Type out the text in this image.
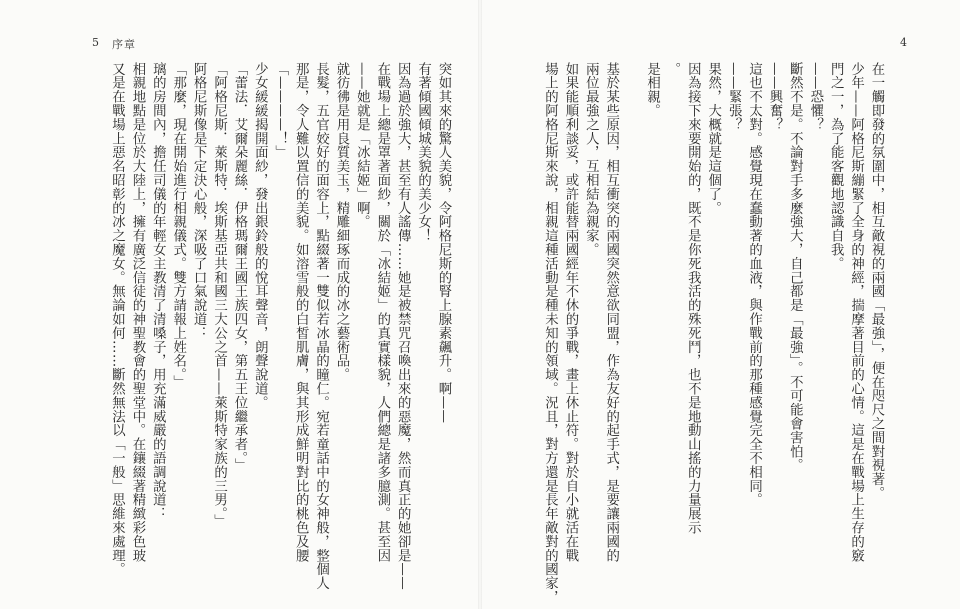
5 序章
突如其來的驚人美貌，令阿格尼斯的腎上腺素飆升。啊——
有著傾國傾城美貌的美少女！
因為過於強大，甚至有人謠傳……她是被禁咒召喚出來的惡魔，然而真正的她卻是——
在戰場上總是罩著面紗，關於「冰結姬」的真實樣貌，人們總是諸多臆測。甚至因
——她就是「冰結姬」啊。
就彷彿是用良質美玉，精雕細琢而成的冰之藝術品。
長髮，五官姣好的面容上，點綴著一雙似若冰晶的瞳仁。宛若童話中的女神般，整個人
那是，令人難以置信的美貌。如溶雪般的白皙肌膚，與其形成鮮明對比的桃色及腰
「————！」
少女緩緩揭開面紗，發出銀鈴般的悅耳聲音，朗聲說道。
「蕾法．艾爾朵麗絲．伊格瑪爾王國王族四女，第五王位繼承者。」
「阿格尼斯．萊斯特．埃斯基亞共和國三大公之首——萊斯特家族的三男。」
阿格尼斯像是下定決心般，深吸了口氣說道：
「那麼，現在開始進行相親儀式。雙方請報上姓名。」
璃的房間內，擔任司儀的年輕女主教清了清嗓子，用充滿威嚴的語調說道：
相親地點是位於大陸上，擁有廣泛信徒的神聖教會的聖堂中。在鑲綴著精緻彩色玻
又是在戰場上惡名昭彰的冰之魔女。無論如何……斷然無法以「一般」思維來處理。
4
在一觸即發的氛圍中，相互敵視的兩國「最強」，便在咫尺之間對視著。
少年——阿格尼斯繃緊了全身的神經，揣摩著目前的心情。這是在戰場上生存的竅
門之一，為了能客觀地認識自我。
——恐懼？
斷然不是。不論對手多麼強大，自己都是「最強」。不可能會害怕。
——興奮？
這也不太對。感覺現在蠢動著的血液，與作戰前的那種感覺完全不相同。
——緊張？
果然，大概就是這個了。
因為接下來要開始的，既不是你死我活的殊死鬥，也不是地動山搖的力量展示
。
是相親。

基於某些原因，相互衝突的兩國突然意欲同盟，作為友好的起手式，是要讓兩國的
兩位最強之人，互相結為親家。
如果能順利談妥，或許能替兩國經年不休的爭戰，畫上休止符。對於自小就活在戰
場上的阿格尼斯來說，相親這種活動是種未知的領域。況且，對方還是長年敵對的國家，
